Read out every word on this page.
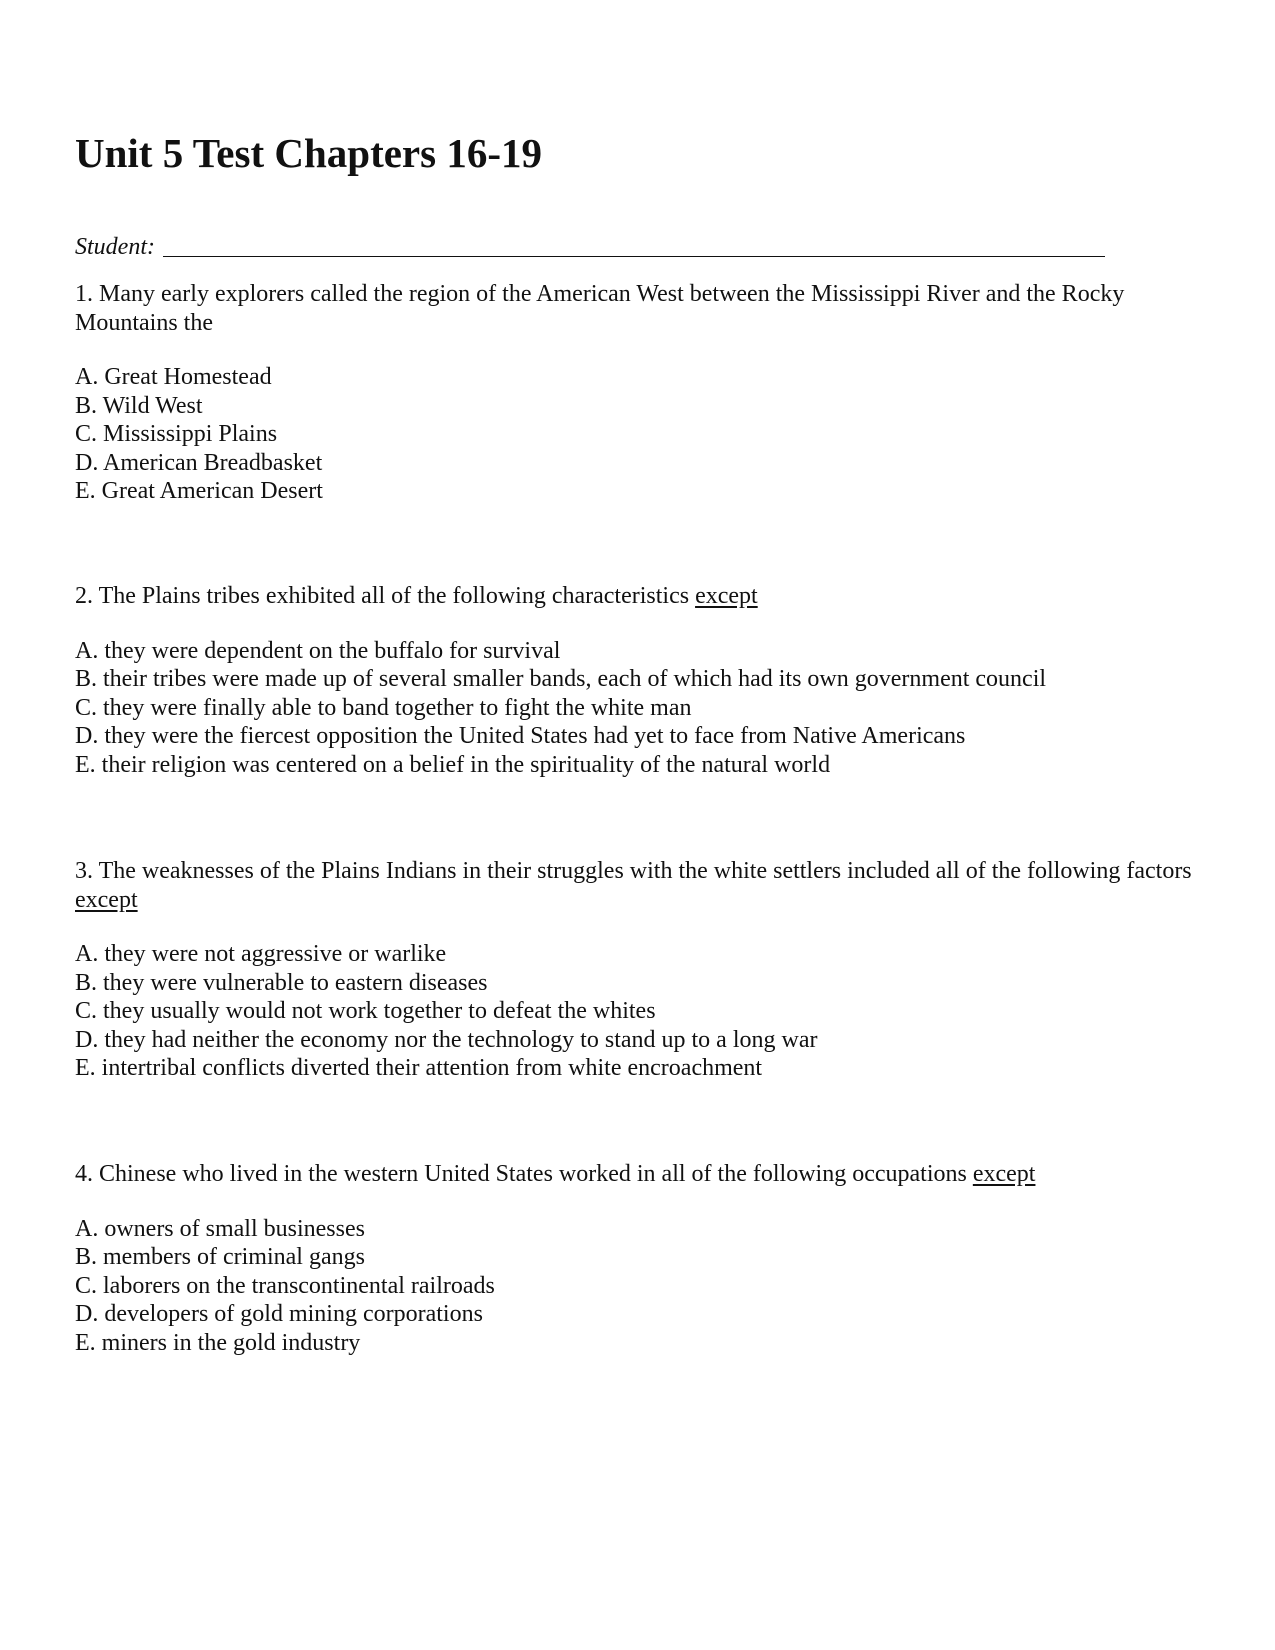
Unit 5 Test Chapters 16-19
Student:

1. Many early explorers called the region of the American West between the Mississippi River and the Rocky Mountains the

A. Great Homestead
B. Wild West
C. Mississippi Plains
D. American Breadbasket
E. Great American Desert

2. The Plains tribes exhibited all of the following characteristics except

A. they were dependent on the buffalo for survival
B. their tribes were made up of several smaller bands, each of which had its own government council
C. they were finally able to band together to fight the white man
D. they were the fiercest opposition the United States had yet to face from Native Americans
E. their religion was centered on a belief in the spirituality of the natural world

3. The weaknesses of the Plains Indians in their struggles with the white settlers included all of the following factors except

A. they were not aggressive or warlike
B. they were vulnerable to eastern diseases
C. they usually would not work together to defeat the whites
D. they had neither the economy nor the technology to stand up to a long war
E. intertribal conflicts diverted their attention from white encroachment

4. Chinese who lived in the western United States worked in all of the following occupations except

A. owners of small businesses
B. members of criminal gangs
C. laborers on the transcontinental railroads
D. developers of gold mining corporations
E. miners in the gold industry
